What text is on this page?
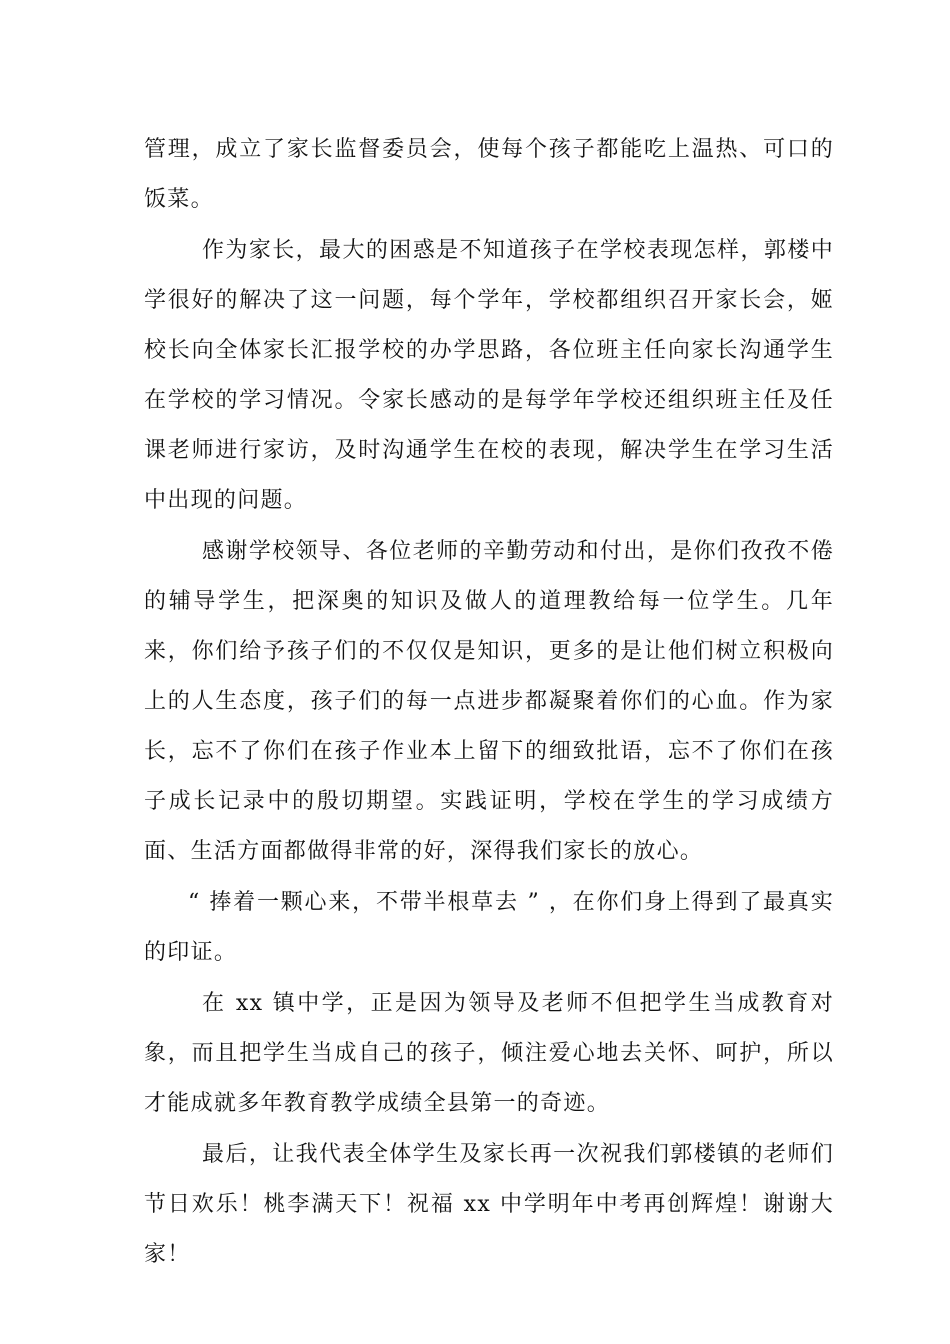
管理，成立了家长监督委员会，使每个孩子都能吃上温热、可口的饭菜。

作为家长，最大的困惑是不知道孩子在学校表现怎样，郭楼中学很好的解决了这一问题，每个学年，学校都组织召开家长会，姬校长向全体家长汇报学校的办学思路，各位班主任向家长沟通学生在学校的学习情况。令家长感动的是每学年学校还组织班主任及任课老师进行家访，及时沟通学生在校的表现，解决学生在学习生活中出现的问题。

感谢学校领导、各位老师的辛勤劳动和付出，是你们孜孜不倦的辅导学生，把深奥的知识及做人的道理教给每一位学生。几年来，你们给予孩子们的不仅仅是知识，更多的是让他们树立积极向上的人生态度，孩子们的每一点进步都凝聚着你们的心血。作为家长，忘不了你们在孩子作业本上留下的细致批语，忘不了你们在孩子成长记录中的殷切期望。实践证明，学校在学生的学习成绩方面、生活方面都做得非常的好，深得我们家长的放心。

“ 捧着一颗心来，不带半根草去 ” ，在你们身上得到了最真实的印证。

在 xx 镇中学，正是因为领导及老师不但把学生当成教育对象，而且把学生当成自己的孩子，倾注爱心地去关怀、呵护，所以才能成就多年教育教学成绩全县第一的奇迹。

最后，让我代表全体学生及家长再一次祝我们郭楼镇的老师们节日欢乐！桃李满天下！祝福 xx 中学明年中考再创辉煌！谢谢大家！
